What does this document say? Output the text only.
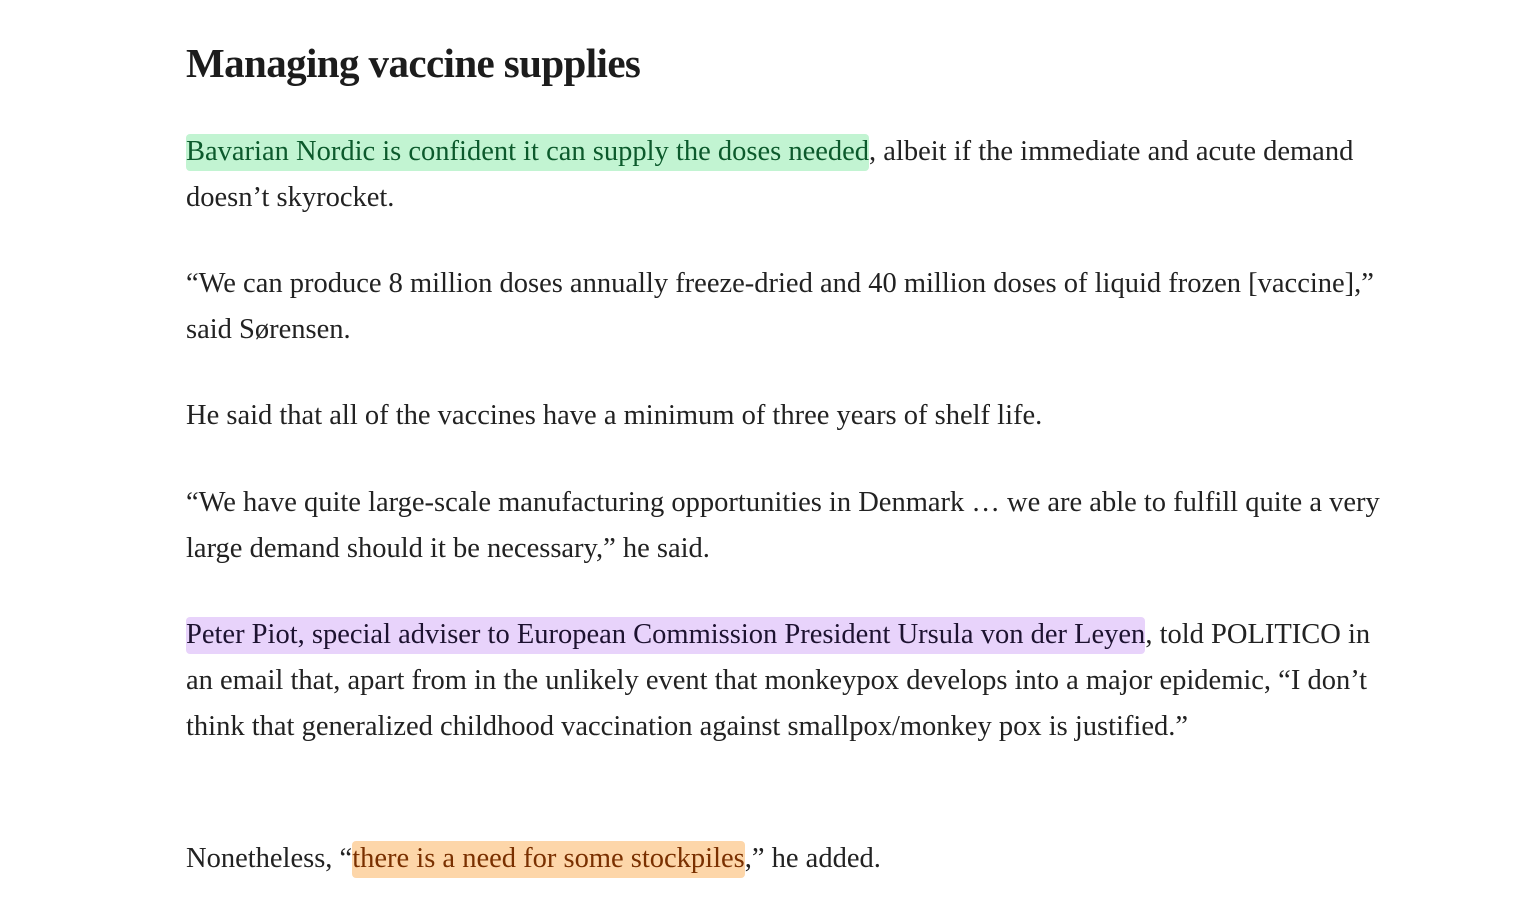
Managing vaccine supplies

Bavarian Nordic is confident it can supply the doses needed, albeit if the immediate and acute demand doesn’t skyrocket.

“We can produce 8 million doses annually freeze-dried and 40 million doses of liquid frozen [vaccine],” said Sørensen.

He said that all of the vaccines have a minimum of three years of shelf life.

“We have quite large-scale manufacturing opportunities in Denmark … we are able to fulfill quite a very large demand should it be necessary,” he said.

Peter Piot, special adviser to European Commission President Ursula von der Leyen, told POLITICO in an email that, apart from in the unlikely event that monkeypox develops into a major epidemic, “I don’t think that generalized childhood vaccination against smallpox/monkey pox is justified.”

Nonetheless, “there is a need for some stockpiles,” he added.
